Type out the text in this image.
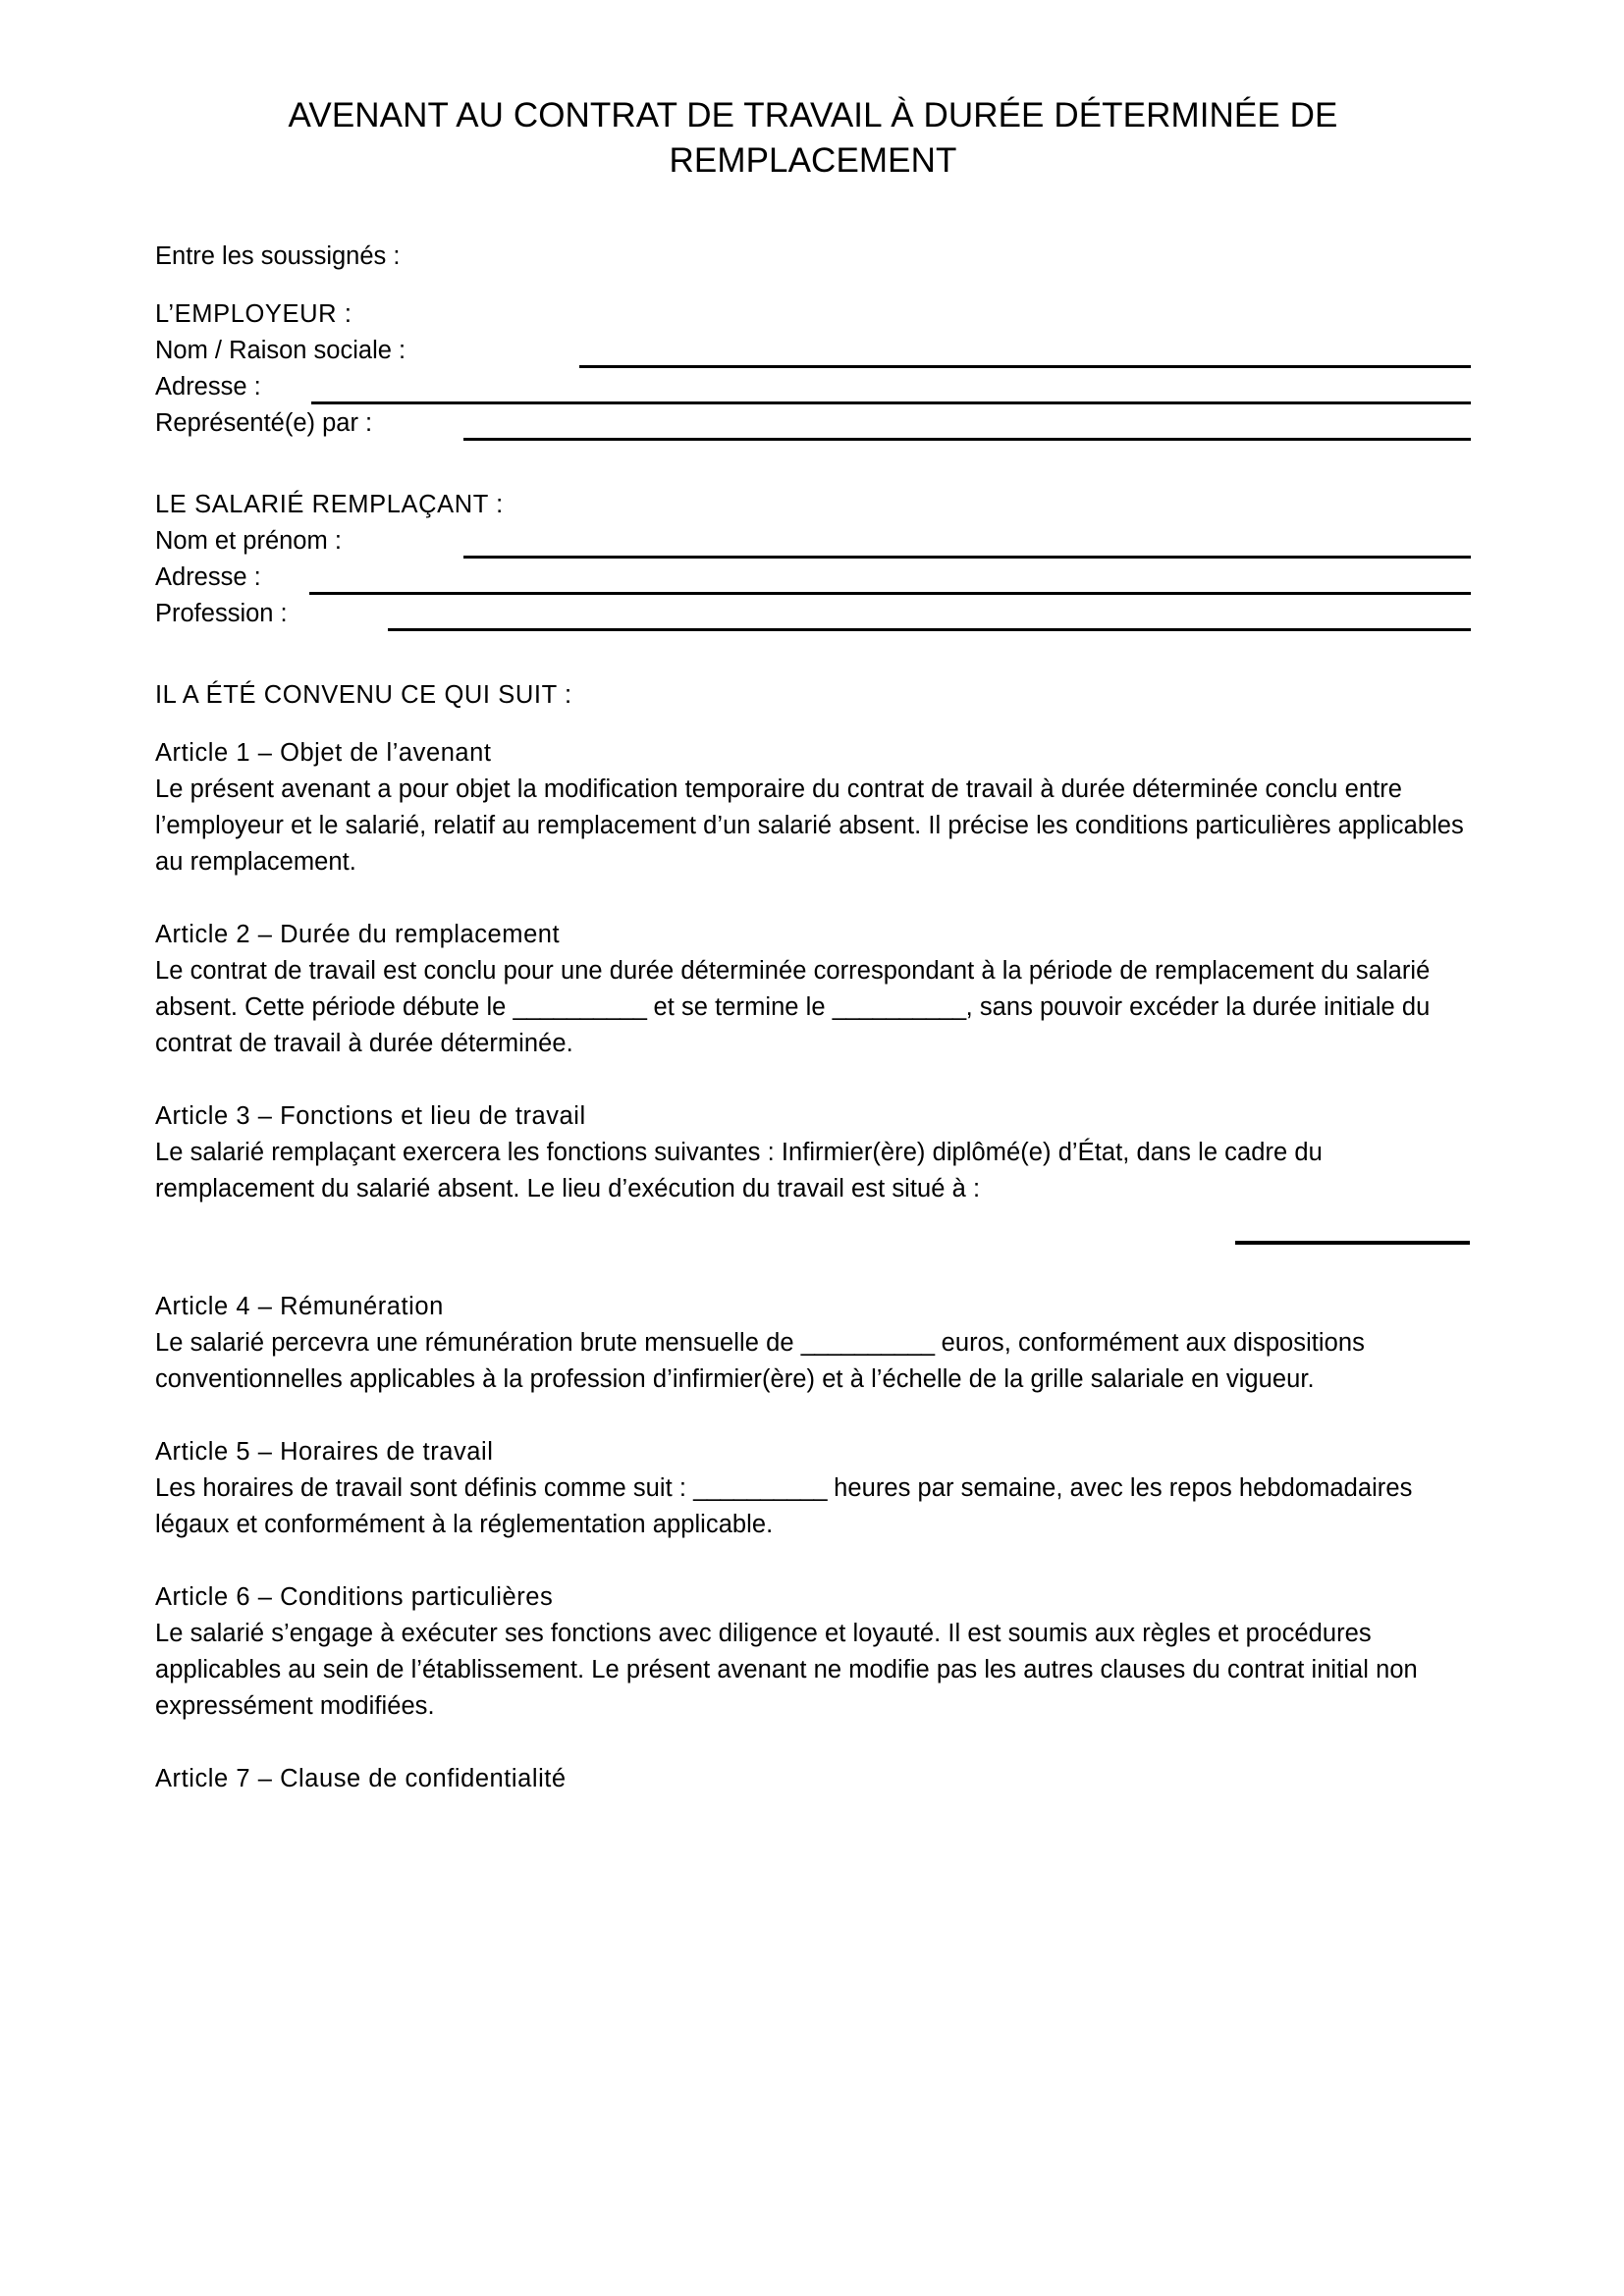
AVENANT AU CONTRAT DE TRAVAIL À DURÉE DÉTERMINÉE DE REMPLACEMENT

Entre les soussignés :

L’EMPLOYEUR :

Nom / Raison sociale :
Adresse :
Représenté(e) par :

LE SALARIÉ REMPLAÇANT :

Nom et prénom :
Adresse :
Profession :

IL A ÉTÉ CONVENU CE QUI SUIT :

Article 1 – Objet de l’avenant

Le présent avenant a pour objet la modification temporaire du contrat de travail à durée déterminée conclu entre l’employeur et le salarié, relatif au remplacement d’un salarié absent. Il précise les conditions particulières applicables au remplacement.

Article 2 – Durée du remplacement

Le contrat de travail est conclu pour une durée déterminée correspondant à la période de remplacement du salarié absent. Cette période débute le __________ et se termine le __________, sans pouvoir excéder la durée initiale du contrat de travail à durée déterminée.

Article 3 – Fonctions et lieu de travail

Le salarié remplaçant exercera les fonctions suivantes : Infirmier(ère) diplômé(e) d’État, dans le cadre du remplacement du salarié absent. Le lieu d’exécution du travail est situé à :

Article 4 – Rémunération

Le salarié percevra une rémunération brute mensuelle de __________ euros, conformément aux dispositions conventionnelles applicables à la profession d’infirmier(ère) et à l’échelle de la grille salariale en vigueur.

Article 5 – Horaires de travail

Les horaires de travail sont définis comme suit : __________ heures par semaine, avec les repos hebdomadaires légaux et conformément à la réglementation applicable.

Article 6 – Conditions particulières

Le salarié s’engage à exécuter ses fonctions avec diligence et loyauté. Il est soumis aux règles et procédures applicables au sein de l’établissement. Le présent avenant ne modifie pas les autres clauses du contrat initial non expressément modifiées.

Article 7 – Clause de confidentialité
